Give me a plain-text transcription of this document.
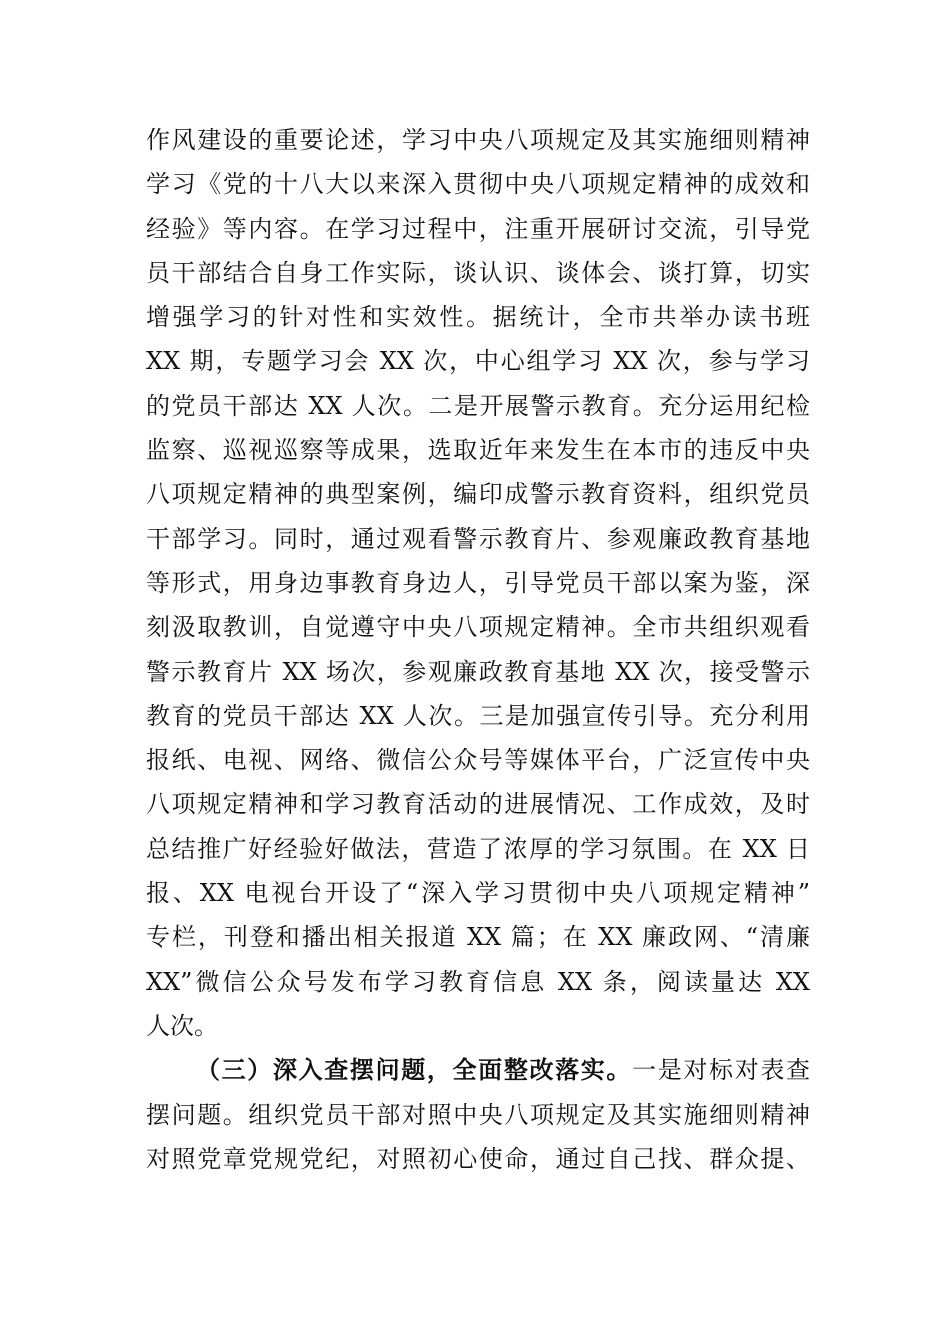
作风建设的重要论述，学习中央八项规定及其实施细则精神
学习《党的十八大以来深入贯彻中央八项规定精神的成效和
经验》等内容。在学习过程中，注重开展研讨交流，引导党
员干部结合自身工作实际，谈认识、谈体会、谈打算，切实
增强学习的针对性和实效性。据统计，全市共举办读书班
XX 期，专题学习会 XX 次，中心组学习 XX 次，参与学习
的党员干部达 XX 人次。二是开展警示教育。充分运用纪检
监察、巡视巡察等成果，选取近年来发生在本市的违反中央
八项规定精神的典型案例，编印成警示教育资料，组织党员
干部学习。同时，通过观看警示教育片、参观廉政教育基地
等形式，用身边事教育身边人，引导党员干部以案为鉴，深
刻汲取教训，自觉遵守中央八项规定精神。全市共组织观看
警示教育片 XX 场次，参观廉政教育基地 XX 次，接受警示
教育的党员干部达 XX 人次。三是加强宣传引导。充分利用
报纸、电视、网络、微信公众号等媒体平台，广泛宣传中央
八项规定精神和学习教育活动的进展情况、工作成效，及时
总结推广好经验好做法，营造了浓厚的学习氛围。在 XX 日
报、XX 电视台开设了“深入学习贯彻中央八项规定精神”
专栏，刊登和播出相关报道 XX 篇；在 XX 廉政网、“清廉
XX”微信公众号发布学习教育信息 XX 条，阅读量达 XX
人次。
（三）深入查摆问题，全面整改落实。一是对标对表查
摆问题。组织党员干部对照中央八项规定及其实施细则精神
对照党章党规党纪，对照初心使命，通过自己找、群众提、
